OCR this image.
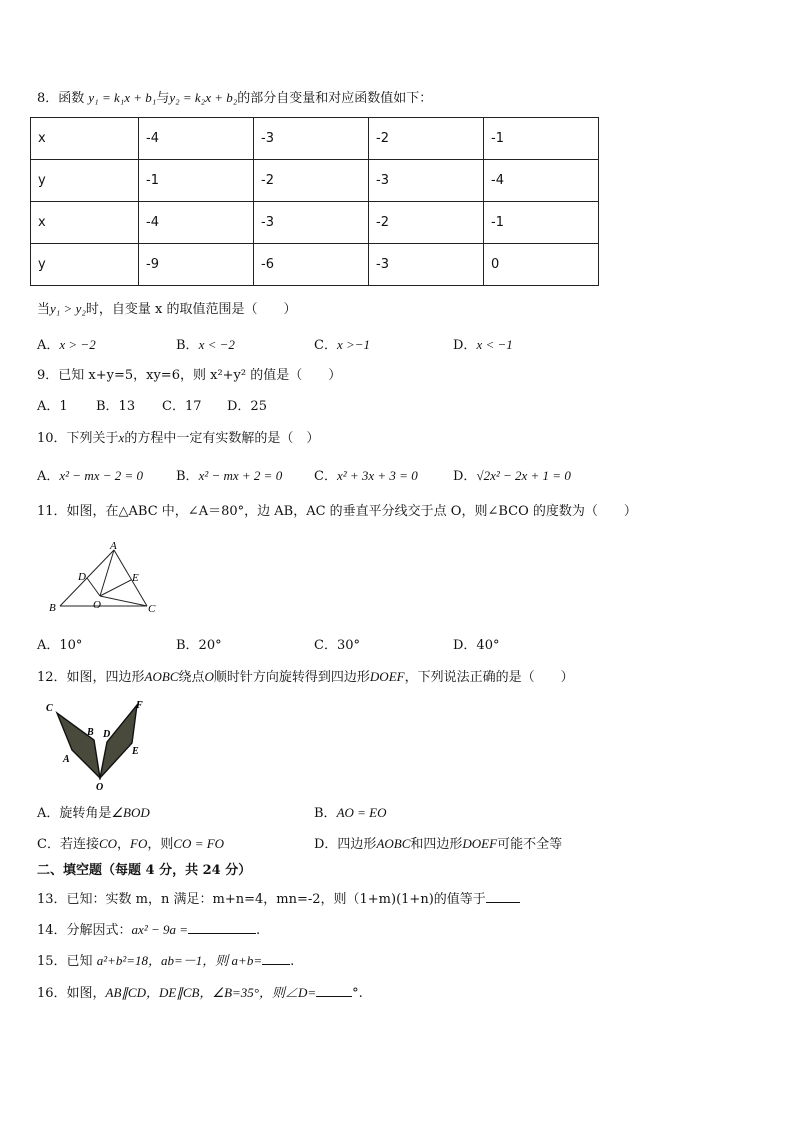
8．函数 y₁ = k₁x + b₁与y₂ = k₂x + b₂的部分自变量和对应函数值如下：
x	-4	-3	-2	-1
y	-1	-2	-3	-4
x	-4	-3	-2	-1
y	-9	-6	-3	0
当y₁ > y₂时，自变量 x 的取值范围是（　　）
A．x > −2	B．x < −2	C．x >−1	D．x < −1
9．已知 x+y=5，xy=6，则 x²+y² 的值是（　　）
A．1 B．13 C．17 D．25
10．下列关于x的方程中一定有实数解的是（　）
A．x² − mx − 2 = 0	B．x² − mx + 2 = 0 C．x² + 3x + 3 = 0	D．√2x² − 2x + 1 = 0
11．如图，在△ABC 中，∠A＝80°，边 AB，AC 的垂直平分线交于点 O，则∠BCO 的度数为（　　）
A
B	C
D	E
O
A．10°	B．20°	C．30°	D．40°
12．如图，四边形AOBC绕点O顺时针方向旋转得到四边形DOEF，下列说法正确的是（　　）
C
B
A
O
D
E
F
A．旋转角是∠BOD	B．AO = EO
C．若连接CO，FO，则CO = FO	D．四边形AOBC和四边形DOEF可能不全等
二、填空题（每题 4 分，共 24 分）
13．已知：实数 m，n 满足：m+n=4，mn=-2，则（1+m)(1+n)的值等于
14．分解因式：ax² − 9a =	.
15．已知 a²+b²=18，ab=－1，则 a+b= .
16．如图，AB∥CD，DE∥CB，∠B=35°，则∠D=	°.
